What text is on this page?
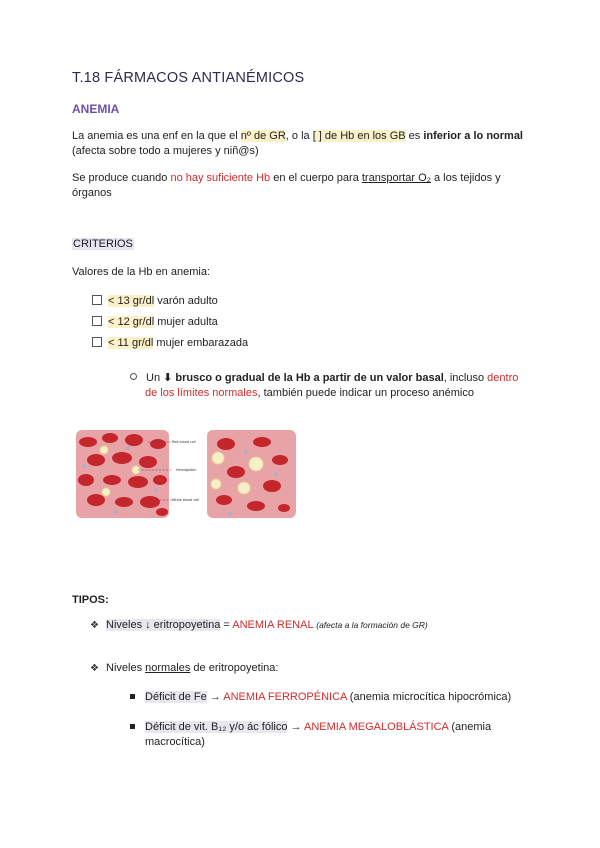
T.18 FÁRMACOS ANTIANÉMICOS
ANEMIA
La anemia es una enf en la que el nº de GR, o la [ ] de Hb en los GB es inferior a lo normal
(afecta sobre todo a mujeres y niñ@s)
Se produce cuando no hay suficiente Hb en el cuerpo para transportar O₂ a los tejidos y
órganos
CRITERIOS
Valores de la Hb en anemia:
< 13 gr/dl varón adulto
< 12 gr/dl mujer adulta
< 11 gr/dl mujer embarazada
Un ⬇ brusco o gradual de la Hb a partir de un valor basal, incluso dentro
de los límites normales, también puede indicar un proceso anémico
Red blood cell
Hemoglobin
White blood cell
TIPOS:
❖ Niveles ↓ eritropoyetina = ANEMIA RENAL (afecta a la formación de GR)
❖ Niveles normales de eritropoyetina:
Déficit de Fe → ANEMIA FERROPÉNICA (anemia microcítica hipocrómica)
Déficit de vit. B₁₂ y/o ác fólico → ANEMIA MEGALOBLÁSTICA (anemia
macrocítica)
